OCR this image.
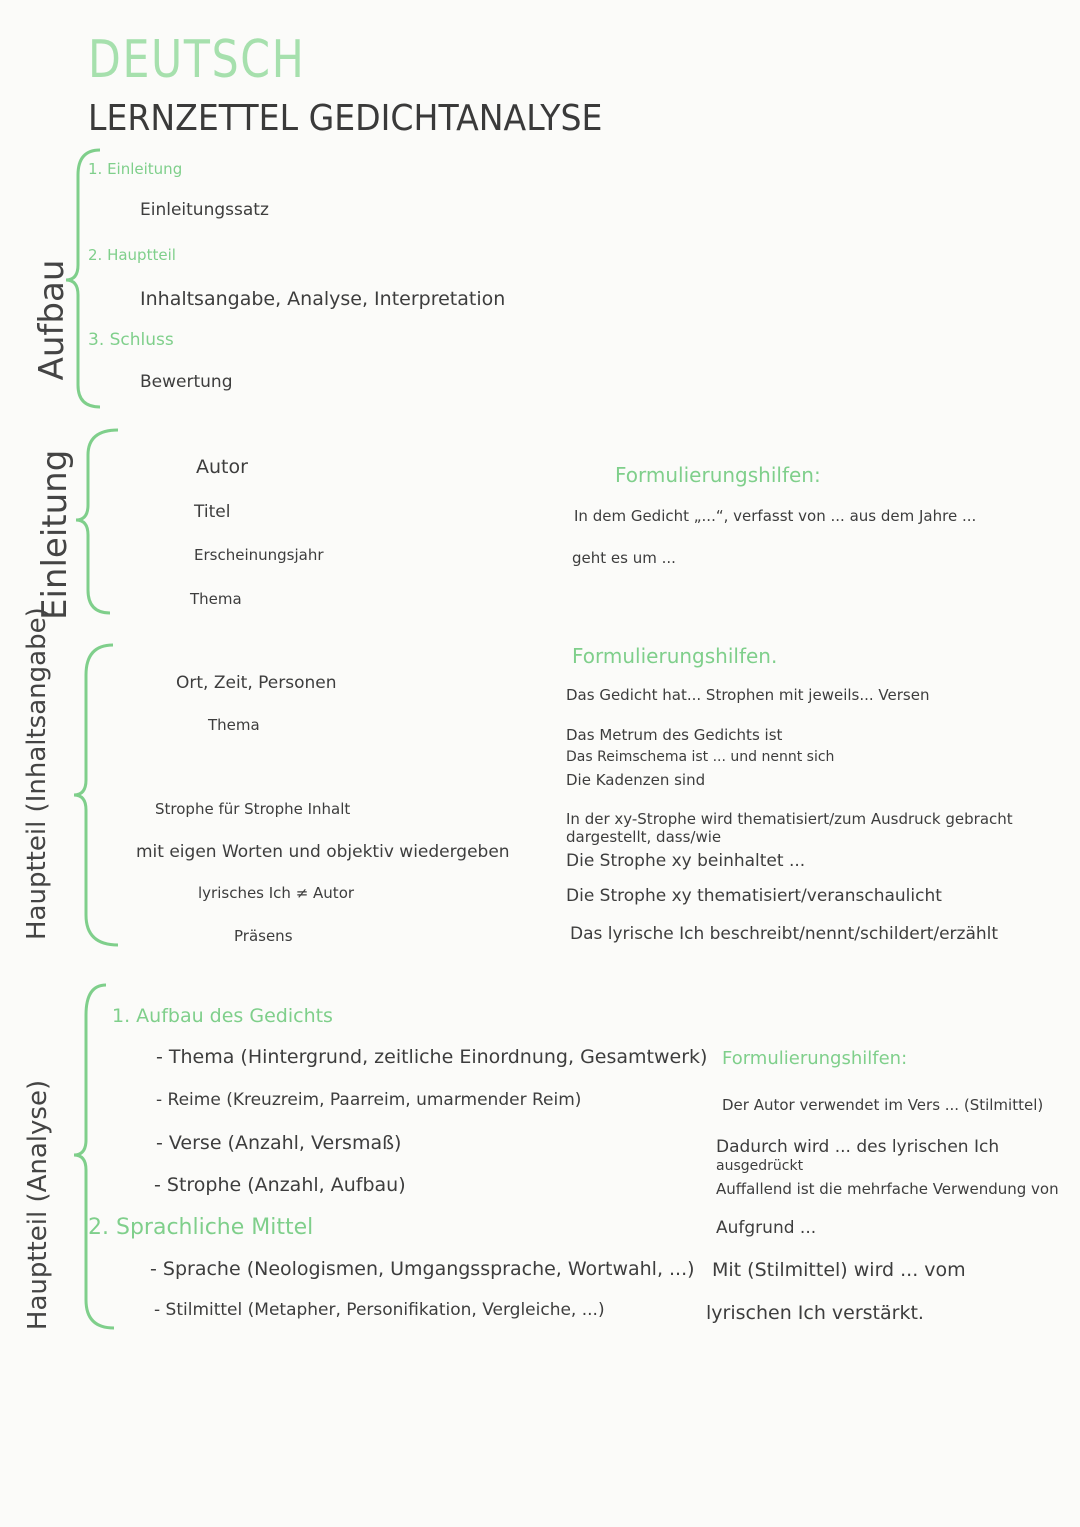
DEUTSCH
LERNZETTEL GEDICHTANALYSE
Aufbau
Einleitung
Hauptteil (Inhaltsangabe)
Hauptteil (Analyse)
1. Einleitung
Einleitungssatz
2. Hauptteil
Inhaltsangabe, Analyse, Interpretation
3. Schluss
Bewertung
Autor
Titel
Erscheinungsjahr
Thema
Formulierungshilfen:
In dem Gedicht „...“, verfasst von ... aus dem Jahre ...
geht es um ...
Ort, Zeit, Personen
Thema
Strophe für Strophe Inhalt
mit eigen Worten und objektiv wiedergeben
lyrisches Ich ≠ Autor
Präsens
Formulierungshilfen.
Das Gedicht hat... Strophen mit jeweils... Versen
Das Metrum des Gedichts ist
Das Reimschema ist ... und nennt sich
Die Kadenzen sind
In der xy-Strophe wird thematisiert/zum Ausdruck gebracht
dargestellt, dass/wie
Die Strophe xy beinhaltet ...
Die Strophe xy thematisiert/veranschaulicht
Das lyrische Ich beschreibt/nennt/schildert/erzählt
1. Aufbau des Gedichts
- Thema (Hintergrund, zeitliche Einordnung, Gesamtwerk)
- Reime (Kreuzreim, Paarreim, umarmender Reim)
- Verse (Anzahl, Versmaß)
- Strophe (Anzahl, Aufbau)
2. Sprachliche Mittel
- Sprache (Neologismen, Umgangssprache, Wortwahl, ...)
- Stilmittel (Metapher, Personifikation, Vergleiche, ...)
Formulierungshilfen:
Der Autor verwendet im Vers ... (Stilmittel)
Dadurch wird ... des lyrischen Ich
ausgedrückt
Auffallend ist die mehrfache Verwendung von
Aufgrund ...
Mit (Stilmittel) wird ... vom
lyrischen Ich verstärkt.
